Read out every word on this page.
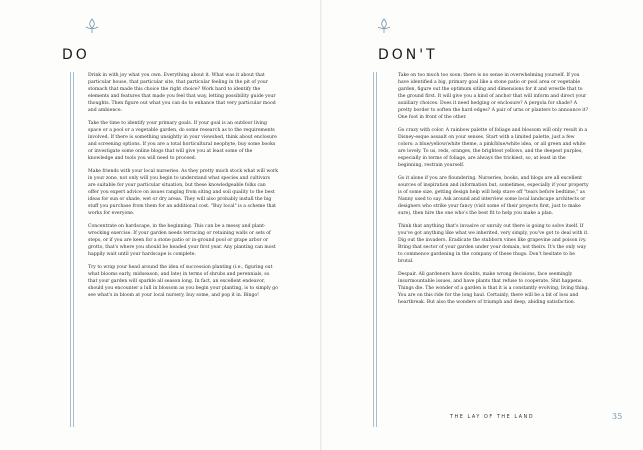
DO

Drink in with joy what you own. Everything about it. What was it about that particular house, that particular site, that particular feeling in the pit of your stomach that made this choice the right choice? Work hard to identify the elements and features that made you feel that way, letting possibility guide your thoughts. Then figure out what you can do to enhance that very particular mood and ambience.

Take the time to identify your primary goals. If your goal is an outdoor living space or a pool or a vegetable garden, do some research as to the requirements involved. If there is something unsightly in your viewshed, think about enclosure and screening options. If you are a total horticultural neophyte, buy some books or investigate some online blogs that will give you at least some of the knowledge and tools you will need to proceed.

Make friends with your local nurseries. As they pretty much stock what will work in your zone, not only will you begin to understand what species and cultivars are suitable for your particular situation, but these knowledgeable folks can offer you expert advice on issues ranging from siting and soil quality to the best ideas for sun or shade, wet or dry areas. They will also probably install the big stuff you purchase from them for an additional cost. "Buy local" is a scheme that works for everyone.

Concentrate on hardscape, in the beginning. This can be a messy and plant-wrecking exercise. If your garden needs terracing or retaining walls or sets of steps, or if you are keen for a stone patio or in-ground pool or grape arbor or grotto, that's where you should be headed your first year. Any planting can most happily wait until your hardscape is complete.

Try to wrap your head around the idea of succession planting (i.e., figuring out what blooms early, midseason, and late) in terms of shrubs and perennials, so that your garden will sparkle all season long. In fact, an excellent endeavor, should you encounter a lull in blossom as you begin your planting, is to simply go see what's in bloom at your local nursery, buy some, and pop it in. Bingo!

DON'T

Take on too much too soon: there is no sense in overwhelming yourself. If you have identified a big, primary goal like a stone patio or pool area or vegetable garden, figure out the optimum siting and dimensions for it and wrestle that to the ground first. It will give you a kind of anchor that will inform and direct your auxiliary choices. Does it need hedging or enclosure? A pergola for shade? A pretty border to soften the hard edges? A pair of urns or planters to announce it? One foot in front of the other.

Go crazy with color. A rainbow palette of foliage and blossom will only result in a Disney-esque assault on your senses. Start with a limited palette, just a few colors: a blue/yellow/white theme, a pink/blue/white idea, or all green and white are lovely. To us, reds, oranges, the brightest yellows, and the deepest purples, especially in terms of foliage, are always the trickiest, so, at least in the beginning, restrain yourself.

Go it alone if you are floundering. Nurseries, books, and blogs are all excellent sources of inspiration and information but, sometimes, especially if your property is of some size, getting design help will help stave off "tears before bedtime," as Nanny used to say. Ask around and interview some local landscape architects or designers who strike your fancy (visit some of their projects first, just to make sure), then hire the one who's the best fit to help you make a plan.

Think that anything that's invasive or unruly out there is going to solve itself. If you've got anything like what we inherited, very simply, you've got to deal with it. Dig out the invaders. Eradicate the stubborn vines like grapevine and poison ivy. Bring that sector of your garden under your domain, not theirs. It's the only way to commence gardening in the company of these thugs. Don't hesitate to be brutal.

Despair. All gardeners have doubts, make wrong decisions, face seemingly insurmountable issues, and have plants that refuse to cooperate. Shit happens. Things die. The wonder of a garden is that it is a constantly evolving, living thing. You are on this ride for the long haul. Certainly, there will be a bit of loss and heartbreak. But also the wonders of triumph and deep, abiding satisfaction.

THE LAY OF THE LAND	35
